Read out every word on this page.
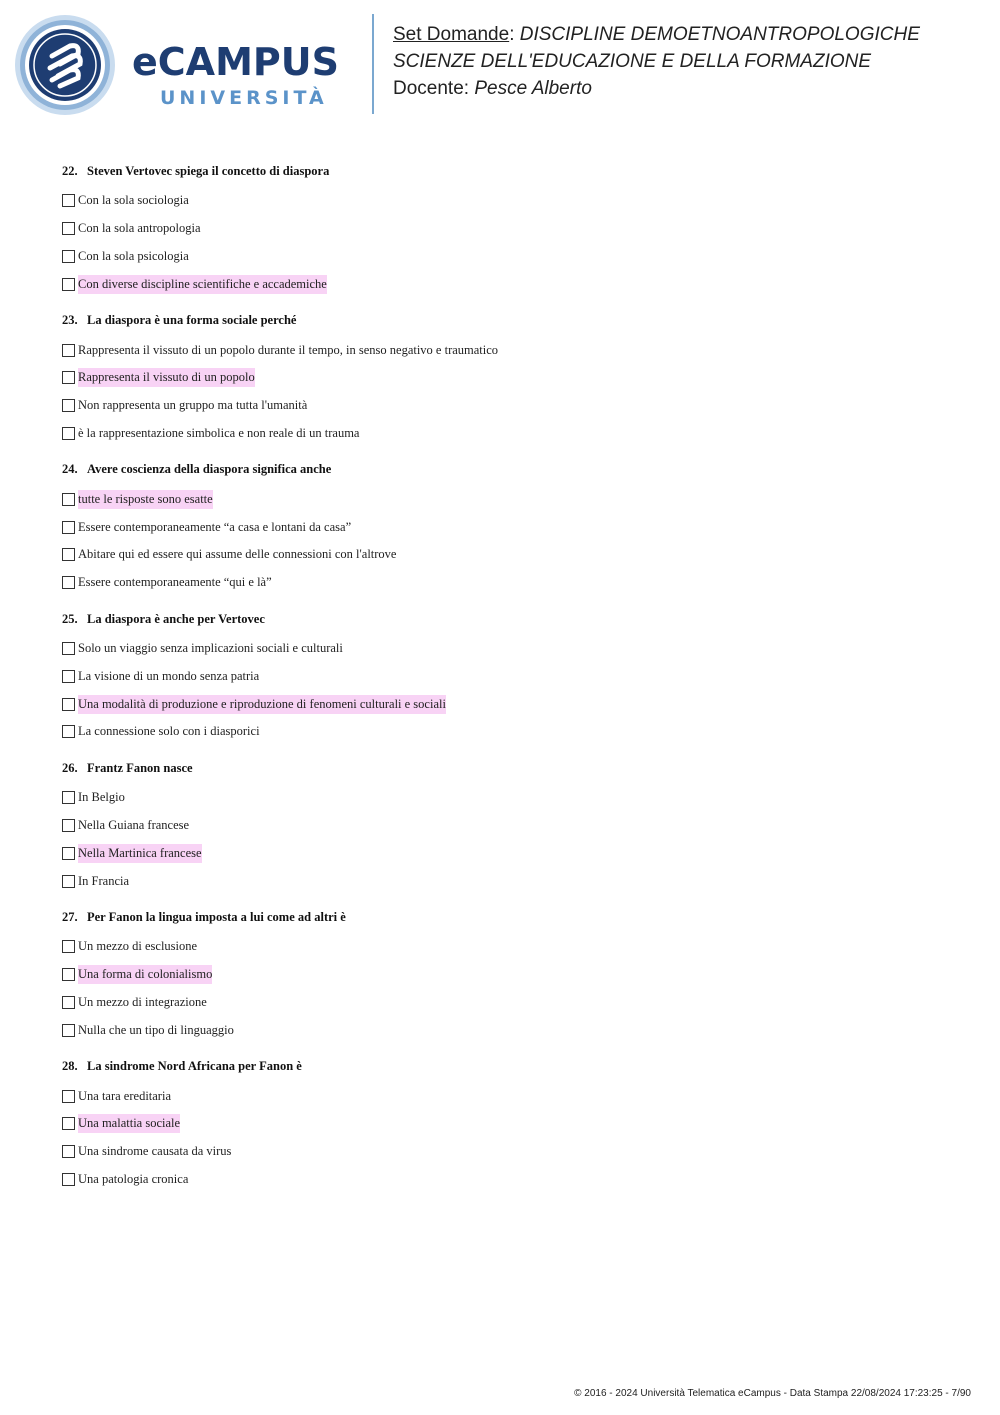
eCAMPUS
UNIVERSITÀ
Set Domande: DISCIPLINE DEMOETNOANTROPOLOGICHE
SCIENZE DELL'EDUCAZIONE E DELLA FORMAZIONE
Docente: Pesce Alberto
22. Steven Vertovec spiega il concetto di diaspora
Con la sola sociologia
Con la sola antropologia
Con la sola psicologia
Con diverse discipline scientifiche e accademiche
23. La diaspora è una forma sociale perché
Rappresenta il vissuto di un popolo durante il tempo, in senso negativo e traumatico
Rappresenta il vissuto di un popolo
Non rappresenta un gruppo ma tutta l'umanità
è la rappresentazione simbolica e non reale di un trauma
24. Avere coscienza della diaspora significa anche
tutte le risposte sono esatte
Essere contemporaneamente “a casa e lontani da casa”
Abitare qui ed essere qui assume delle connessioni con l'altrove
Essere contemporaneamente “qui e là”
25. La diaspora è anche per Vertovec
Solo un viaggio senza implicazioni sociali e culturali
La visione di un mondo senza patria
Una modalità di produzione e riproduzione di fenomeni culturali e sociali
La connessione solo con i diasporici
26. Frantz Fanon nasce
In Belgio
Nella Guiana francese
Nella Martinica francese
In Francia
27. Per Fanon la lingua imposta a lui come ad altri è
Un mezzo di esclusione
Una forma di colonialismo
Un mezzo di integrazione
Nulla che un tipo di linguaggio
28. La sindrome Nord Africana per Fanon è
Una tara ereditaria
Una malattia sociale
Una sindrome causata da virus
Una patologia cronica
© 2016 - 2024 Università Telematica eCampus - Data Stampa 22/08/2024 17:23:25 - 7/90
